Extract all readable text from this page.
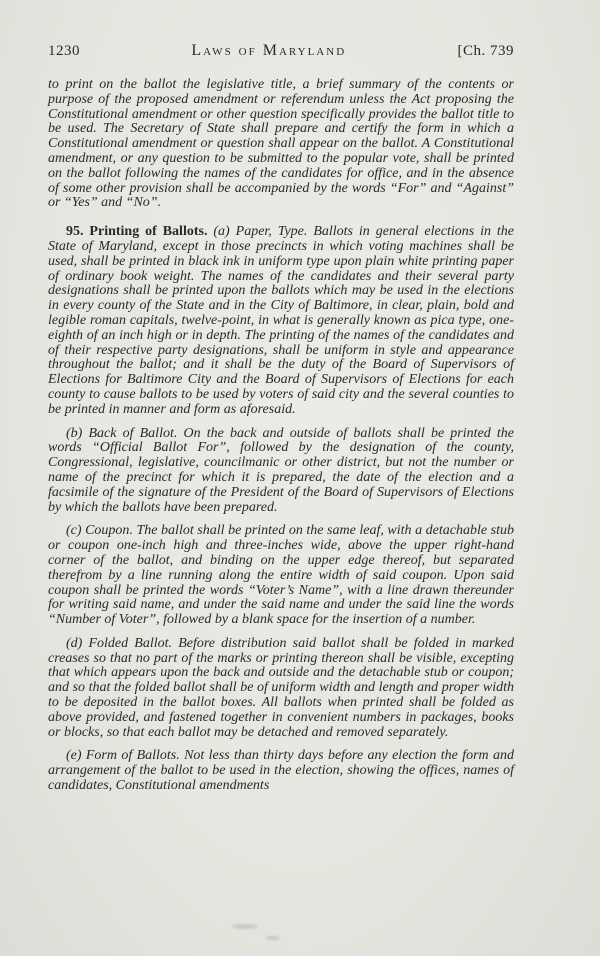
1230	Laws of Maryland	[Ch. 739

to print on the ballot the legislative title, a brief summary of the contents or purpose of the proposed amendment or referendum unless the Act proposing the Constitutional amendment or other question specifically provides the ballot title to be used. The Secretary of State shall prepare and certify the form in which a Constitutional amendment or question shall appear on the ballot. A Constitutional amendment, or any question to be submitted to the popular vote, shall be printed on the ballot following the names of the candidates for office, and in the absence of some other provision shall be accompanied by the words “For” and “Against” or “Yes” and “No”.

95. Printing of Ballots. (a) Paper, Type. Ballots in general elections in the State of Maryland, except in those precincts in which voting machines shall be used, shall be printed in black ink in uniform type upon plain white printing paper of ordinary book weight. The names of the candidates and their several party designations shall be printed upon the ballots which may be used in the elections in every county of the State and in the City of Baltimore, in clear, plain, bold and legible roman capitals, twelve-point, in what is generally known as pica type, one-eighth of an inch high or in depth. The printing of the names of the candidates and of their respective party designations, shall be uniform in style and appearance throughout the ballot; and it shall be the duty of the Board of Supervisors of Elections for Baltimore City and the Board of Supervisors of Elections for each county to cause ballots to be used by voters of said city and the several counties to be printed in manner and form as aforesaid.

(b) Back of Ballot. On the back and outside of ballots shall be printed the words “Official Ballot For”, followed by the designation of the county, Congressional, legislative, councilmanic or other district, but not the number or name of the precinct for which it is prepared, the date of the election and a facsimile of the signature of the President of the Board of Supervisors of Elections by which the ballots have been prepared.

(c) Coupon. The ballot shall be printed on the same leaf, with a detachable stub or coupon one-inch high and three-inches wide, above the upper right-hand corner of the ballot, and binding on the upper edge thereof, but separated therefrom by a line running along the entire width of said coupon. Upon said coupon shall be printed the words “Voter’s Name”, with a line drawn thereunder for writing said name, and under the said name and under the said line the words “Number of Voter”, followed by a blank space for the insertion of a number.

(d) Folded Ballot. Before distribution said ballot shall be folded in marked creases so that no part of the marks or printing thereon shall be visible, excepting that which appears upon the back and outside and the detachable stub or coupon; and so that the folded ballot shall be of uniform width and length and proper width to be deposited in the ballot boxes. All ballots when printed shall be folded as above provided, and fastened together in convenient numbers in packages, books or blocks, so that each ballot may be detached and removed separately.

(e) Form of Ballots. Not less than thirty days before any election the form and arrangement of the ballot to be used in the election, showing the offices, names of candidates, Constitutional amendments
